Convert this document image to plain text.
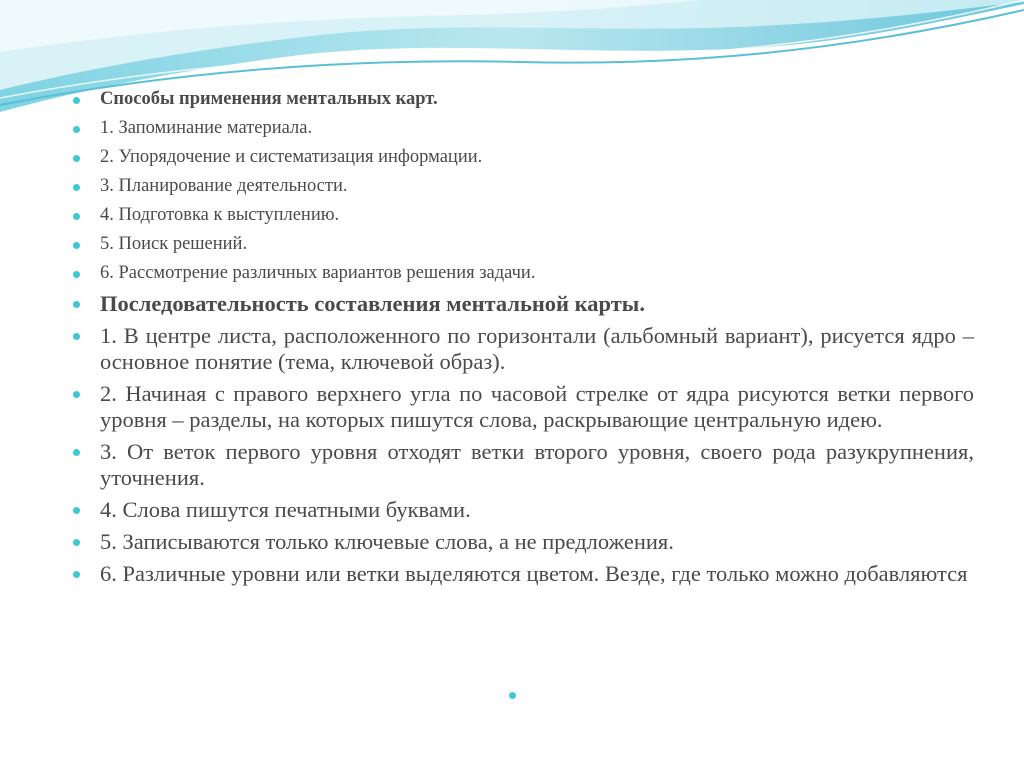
Способы применения ментальных карт.
1. Запоминание материала.
2. Упорядочение и систематизация информации.
3. Планирование деятельности.
4. Подготовка к выступлению.
5. Поиск решений.
6. Рассмотрение различных вариантов решения задачи.
Последовательность составления ментальной карты.
1. В центре листа, расположенного по горизонтали (альбомный вариант), рисуется ядро – основное понятие (тема, ключевой образ).
2. Начиная с правого верхнего угла по часовой стрелке от ядра рисуются ветки первого уровня – разделы, на которых пишутся слова, раскрывающие центральную идею.
3. От веток первого уровня отходят ветки второго уровня, своего рода разукрупнения, уточнения.
4. Слова пишутся печатными буквами.
5. Записываются только ключевые слова, а не предложения.
6. Различные уровни или ветки выделяются цветом. Везде, где только можно добавляются
